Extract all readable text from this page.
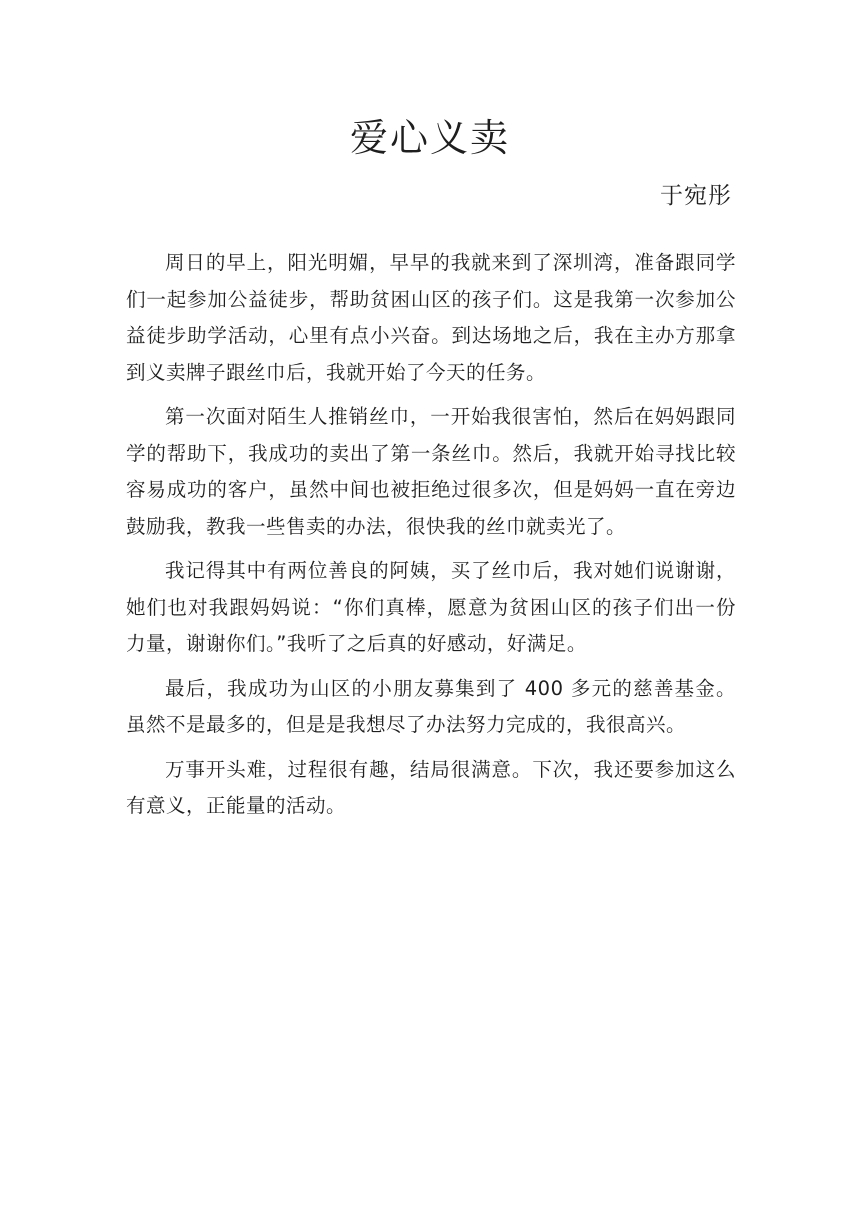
爱心义卖
于宛彤

周日的早上，阳光明媚，早早的我就来到了深圳湾，准备跟同学们一起参加公益徒步，帮助贫困山区的孩子们。这是我第一次参加公益徒步助学活动，心里有点小兴奋。到达场地之后，我在主办方那拿到义卖牌子跟丝巾后，我就开始了今天的任务。

第一次面对陌生人推销丝巾，一开始我很害怕，然后在妈妈跟同学的帮助下，我成功的卖出了第一条丝巾。然后，我就开始寻找比较容易成功的客户，虽然中间也被拒绝过很多次，但是妈妈一直在旁边鼓励我，教我一些售卖的办法，很快我的丝巾就卖光了。

我记得其中有两位善良的阿姨，买了丝巾后，我对她们说谢谢，她们也对我跟妈妈说：“你们真棒，愿意为贫困山区的孩子们出一份力量，谢谢你们。”我听了之后真的好感动，好满足。

最后，我成功为山区的小朋友募集到了 400 多元的慈善基金。虽然不是最多的，但是是我想尽了办法努力完成的，我很高兴。

万事开头难，过程很有趣，结局很满意。下次，我还要参加这么有意义，正能量的活动。
